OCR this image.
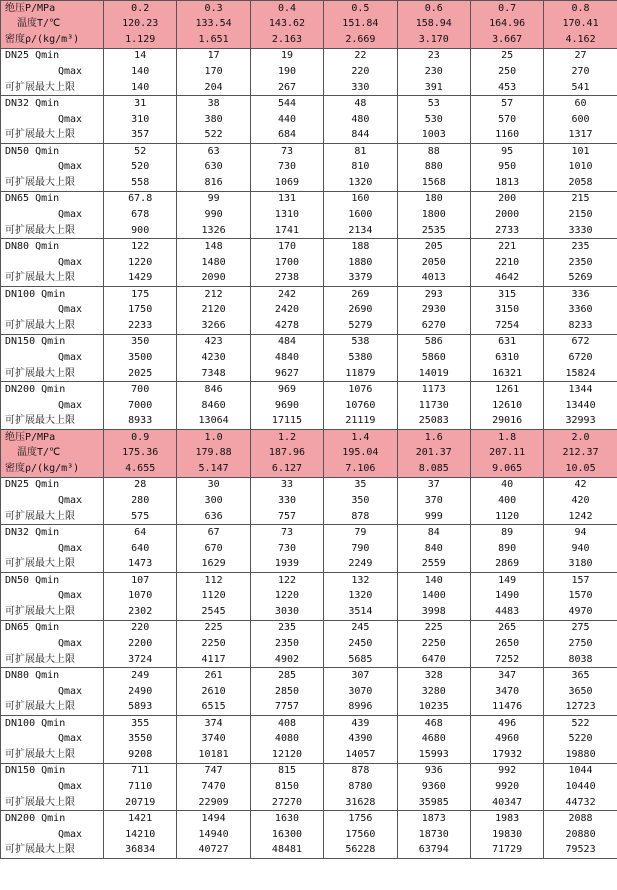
绝压P/MPa	0.2	0.3	0.4	0.5	0.6	0.7	0.8
温度T/℃	120.23	133.54	143.62	151.84	158.94	164.96	170.41
密度ρ/(kg/m³)	1.129	1.651	2.163	2.669	3.170	3.667	4.162
DN25 Qmin	14	17	19	22	23	25	27
Qmax	140	170	190	220	230	250	270
可扩展最大上限	140	204	267	330	391	453	541
DN32 Qmin	31	38	544	48	53	57	60
Qmax	310	380	440	480	530	570	600
可扩展最大上限	357	522	684	844	1003	1160	1317
DN50 Qmin	52	63	73	81	88	95	101
Qmax	520	630	730	810	880	950	1010
可扩展最大上限	558	816	1069	1320	1568	1813	2058
DN65 Qmin	67.8	99	131	160	180	200	215
Qmax	678	990	1310	1600	1800	2000	2150
可扩展最大上限	900	1326	1741	2134	2535	2733	3330
DN80 Qmin	122	148	170	188	205	221	235
Qmax	1220	1480	1700	1880	2050	2210	2350
可扩展最大上限	1429	2090	2738	3379	4013	4642	5269
DN100 Qmin	175	212	242	269	293	315	336
Qmax	1750	2120	2420	2690	2930	3150	3360
可扩展最大上限	2233	3266	4278	5279	6270	7254	8233
DN150 Qmin	350	423	484	538	586	631	672
Qmax	3500	4230	4840	5380	5860	6310	6720
可扩展最大上限	2025	7348	9627	11879	14019	16321	15824
DN200 Qmin	700	846	969	1076	1173	1261	1344
Qmax	7000	8460	9690	10760	11730	12610	13440
可扩展最大上限	8933	13064	17115	21119	25083	29016	32993
绝压P/MPa	0.9	1.0	1.2	1.4	1.6	1.8	2.0
温度T/℃	175.36	179.88	187.96	195.04	201.37	207.11	212.37
密度ρ/(kg/m³)	4.655	5.147	6.127	7.106	8.085	9.065	10.05
DN25 Qmin	28	30	33	35	37	40	42
Qmax	280	300	330	350	370	400	420
可扩展最大上限	575	636	757	878	999	1120	1242
DN32 Qmin	64	67	73	79	84	89	94
Qmax	640	670	730	790	840	890	940
可扩展最大上限	1473	1629	1939	2249	2559	2869	3180
DN50 Qmin	107	112	122	132	140	149	157
Qmax	1070	1120	1220	1320	1400	1490	1570
可扩展最大上限	2302	2545	3030	3514	3998	4483	4970
DN65 Qmin	220	225	235	245	225	265	275
Qmax	2200	2250	2350	2450	2250	2650	2750
可扩展最大上限	3724	4117	4902	5685	6470	7252	8038
DN80 Qmin	249	261	285	307	328	347	365
Qmax	2490	2610	2850	3070	3280	3470	3650
可扩展最大上限	5893	6515	7757	8996	10235	11476	12723
DN100 Qmin	355	374	408	439	468	496	522
Qmax	3550	3740	4080	4390	4680	4960	5220
可扩展最大上限	9208	10181	12120	14057	15993	17932	19880
DN150 Qmin	711	747	815	878	936	992	1044
Qmax	7110	7470	8150	8780	9360	9920	10440
可扩展最大上限	20719	22909	27270	31628	35985	40347	44732
DN200 Qmin	1421	1494	1630	1756	1873	1983	2088
Qmax	14210	14940	16300	17560	18730	19830	20880
可扩展最大上限	36834	40727	48481	56228	63794	71729	79523
